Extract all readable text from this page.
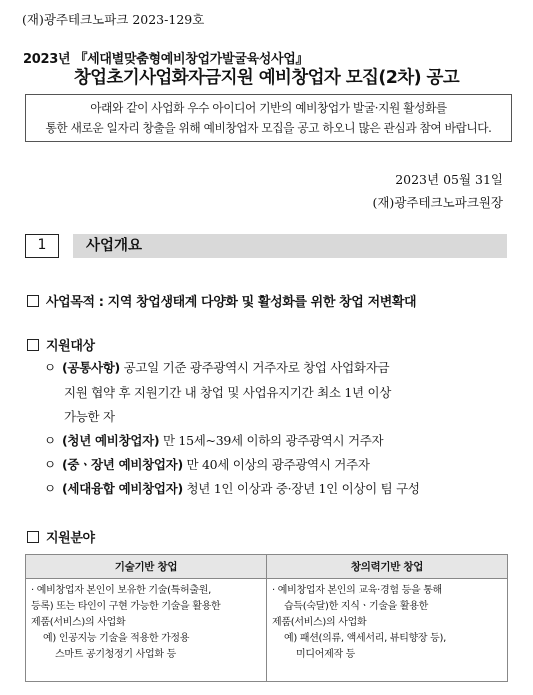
(재)광주테크노파크 2023-129호
2023년 『세대별맞춤형예비창업가발굴육성사업』
창업초기사업화자금지원 예비창업자 모집(2차) 공고
아래와 같이 사업화 우수 아이디어 기반의 예비창업가 발굴·지원 활성화를
통한 새로운 일자리 창출을 위해 예비창업자 모집을 공고 하오니 많은 관심과 참여 바랍니다.
2023년 05월 31일
(재)광주테크노파크원장
1	사업개요
사업목적 : 지역 창업생태계 다양화 및 활성화를 위한 창업 저변확대
지원대상
ㅇ (공통사항) 공고일 기준 광주광역시 거주자로 창업 사업화자금
지원 협약 후 지원기간 내 창업 및 사업유지기간 최소 1년 이상
가능한 자
ㅇ (청년 예비창업자) 만 15세~39세 이하의 광주광역시 거주자
ㅇ (중ㆍ장년 예비창업자) 만 40세 이상의 광주광역시 거주자
ㅇ (세대융합 예비창업자) 청년 1인 이상과 중·장년 1인 이상이 팀 구성
지원분야
기술기반 창업	창의력기반 창업

· 예비창업자 본인이 보유한 기술(특허출원,
등록) 또는 타인이 구현 가능한 기술을 활용한
제품(서비스)의 사업화
예) 인공지능 기술을 적용한 가정용
스마트 공기청정기 사업화 등	· 예비창업자 본인의 교육·경험 등을 통해
습득(숙달)한 지식ㆍ기술을 활용한
제품(서비스)의 사업화
예) 패션(의류, 액세서리, 뷰티향장 등),
미디어제작 등
